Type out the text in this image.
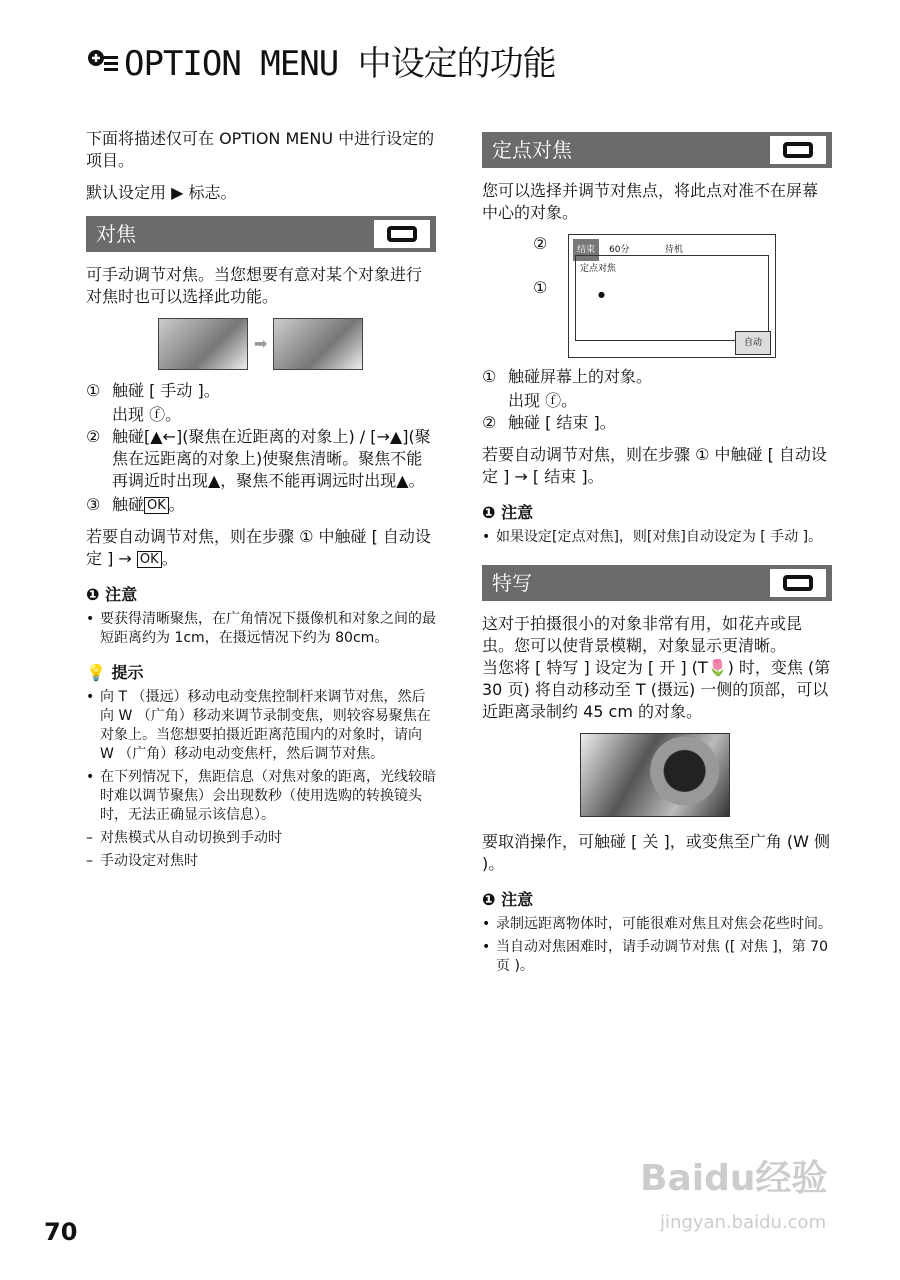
OPTION MENU 中设定的功能

下面将描述仅可在 OPTION MENU 中进行设定的项目。

默认设定用 ▶ 标志。

对焦

可手动调节对焦。当您想要有意对某个对象进行对焦时也可以选择此功能。

➡
① 触碰 [ 手动 ]。
出现 ⓕ。
② 触碰[▲←](聚焦在近距离的对象上) / [→▲](聚焦在远距离的对象上)使聚焦清晰。聚焦不能再调近时出现▲，聚焦不能再调远时出现▲。
③ 触碰 OK 。

若要自动调节对焦，则在步骤 ① 中触碰 [ 自动设定 ] → OK 。

❶ 注意
• 要获得清晰聚焦，在广角情况下摄像机和对象之间的最短距离约为 1cm，在摄远情况下约为 80cm。
💡 提示
• 向 T （摄远）移动电动变焦控制杆来调节对焦，然后向 W （广角）移动来调节录制变焦，则较容易聚焦在对象上。当您想要拍摄近距离范围内的对象时，请向 W （广角）移动电动变焦杆，然后调节对焦。
• 在下列情况下，焦距信息（对焦对象的距离，光线较暗时难以调节聚焦）会出现数秒（使用选购的转换镜头时，无法正确显示该信息）。
– 对焦模式从自动切换到手动时
– 手动设定对焦时
定点对焦

您可以选择并调节对焦点，将此点对准不在屏幕中心的对象。

②
①
结束	60分	待机
定点对焦
●
自动
① 触碰屏幕上的对象。
出现 ⓕ。
② 触碰 [ 结束 ]。

若要自动调节对焦，则在步骤 ① 中触碰 [ 自动设定 ] → [ 结束 ]。

❶ 注意
• 如果设定[定点对焦]，则[对焦]自动设定为 [ 手动 ]。
特写
这对于拍摄很小的对象非常有用，如花卉或昆虫。您可以使背景模糊，对象显示更清晰。
当您将 [ 特写 ] 设定为 [ 开 ] (T🌷) 时，变焦 (第 30 页) 将自动移动至 T (摄远) 一侧的顶部，可以近距离录制约 45 cm 的对象。

要取消操作，可触碰 [ 关 ]，或变焦至广角 (W 侧 )。

❶ 注意
• 录制远距离物体时，可能很难对焦且对焦会花些时间。
• 当自动对焦困难时，请手动调节对焦 ([ 对焦 ]，第 70 页 )。
70
Baidu经验
jingyan.baidu.com
